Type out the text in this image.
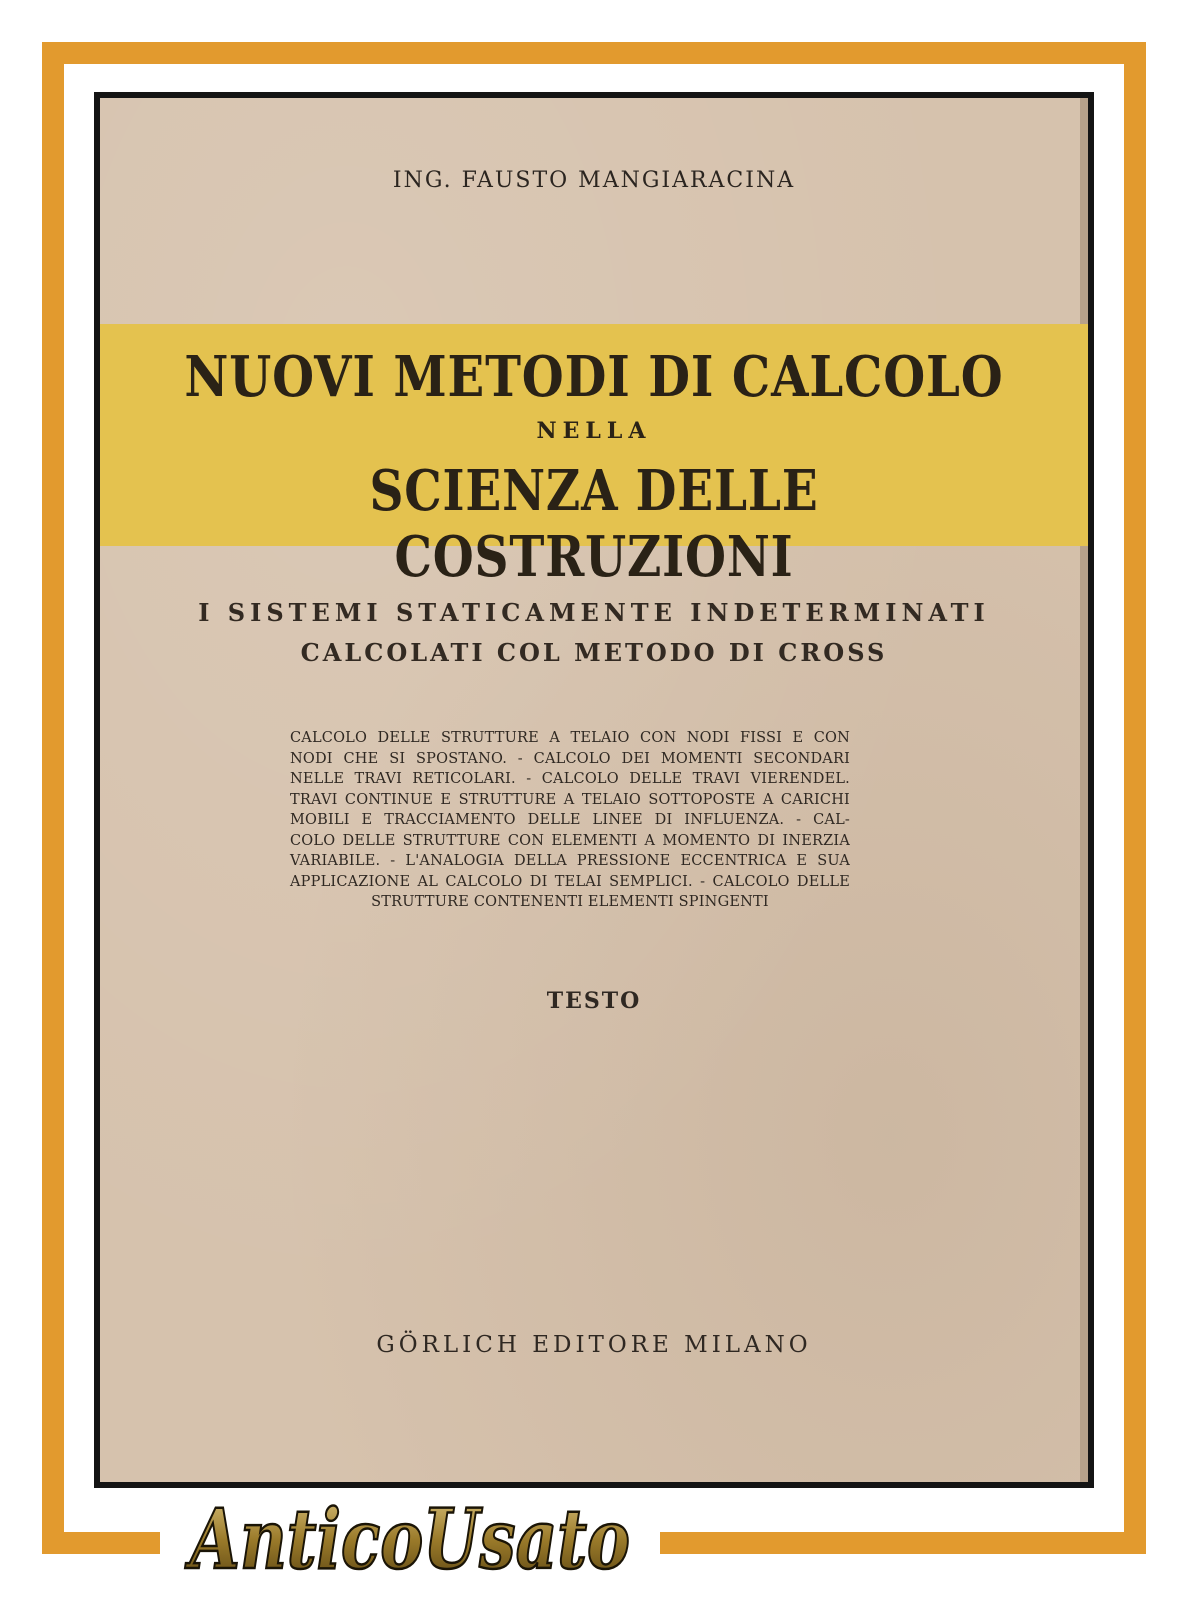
ING. FAUSTO MANGIARACINA
NUOVI METODI DI CALCOLO
NELLA
SCIENZA DELLE COSTRUZIONI
I SISTEMI STATICAMENTE INDETERMINATI
CALCOLATI COL METODO DI CROSS
CALCOLO DELLE STRUTTURE A TELAIO CON NODI FISSI E CON
NODI CHE SI SPOSTANO. - CALCOLO DEI MOMENTI SECONDARI
NELLE TRAVI RETICOLARI. - CALCOLO DELLE TRAVI VIERENDEL.
TRAVI CONTINUE E STRUTTURE A TELAIO SOTTOPOSTE A CARICHI
MOBILI E TRACCIAMENTO DELLE LINEE DI INFLUENZA. - CAL-
COLO DELLE STRUTTURE CON ELEMENTI A MOMENTO DI INERZIA
VARIABILE. - L'ANALOGIA DELLA PRESSIONE ECCENTRICA E SUA
APPLICAZIONE AL CALCOLO DI TELAI SEMPLICI. - CALCOLO DELLE
STRUTTURE CONTENENTI ELEMENTI SPINGENTI
TESTO
GÖRLICH EDITORE MILANO
AnticoUsato
